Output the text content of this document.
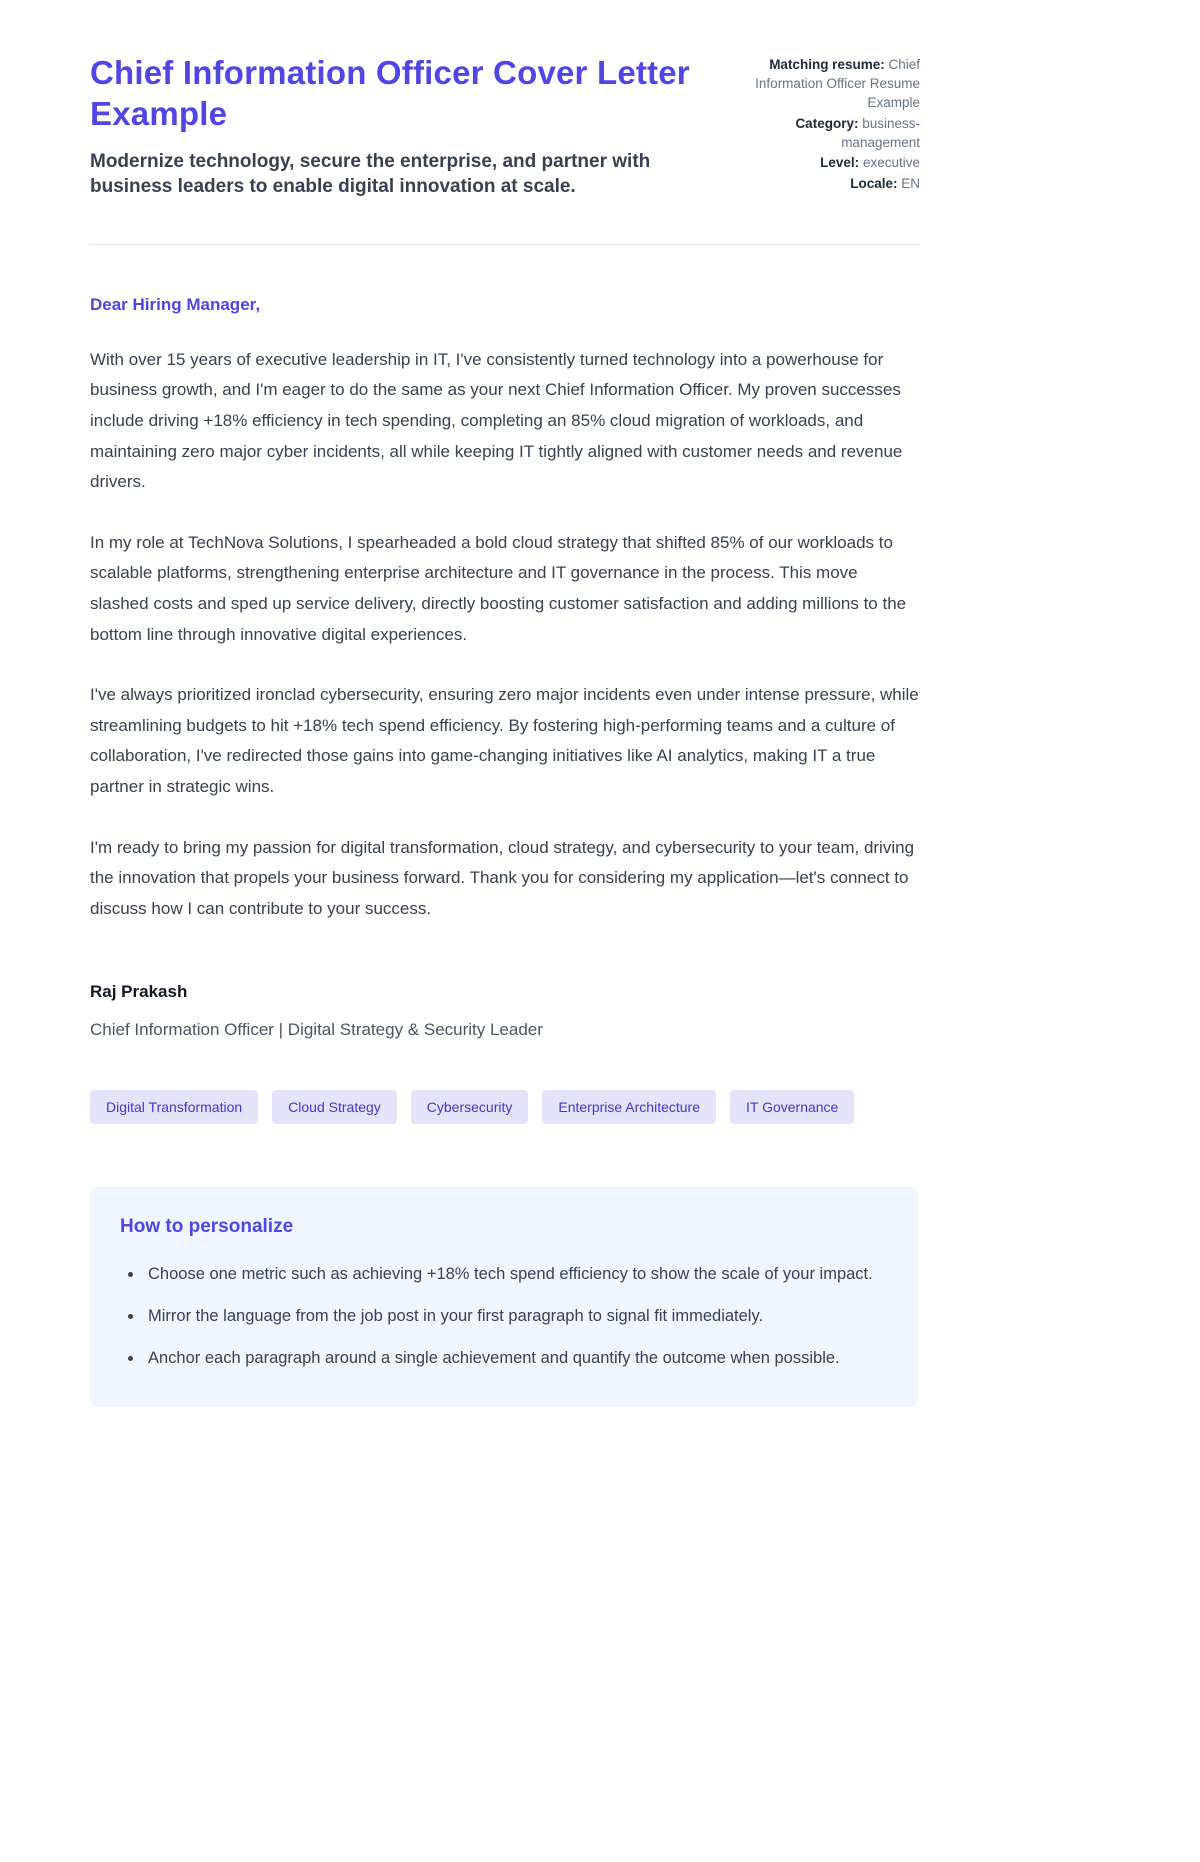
Chief Information Officer Cover Letter Example

Modernize technology, secure the enterprise, and partner with business leaders to enable digital innovation at scale.

Matching resume: Chief Information Officer Resume Example

Category: business-management

Level: executive

Locale: EN

Dear Hiring Manager,

With over 15 years of executive leadership in IT, I've consistently turned technology into a powerhouse for business growth, and I'm eager to do the same as your next Chief Information Officer. My proven successes include driving +18% efficiency in tech spending, completing an 85% cloud migration of workloads, and maintaining zero major cyber incidents, all while keeping IT tightly aligned with customer needs and revenue drivers.

In my role at TechNova Solutions, I spearheaded a bold cloud strategy that shifted 85% of our workloads to scalable platforms, strengthening enterprise architecture and IT governance in the process. This move slashed costs and sped up service delivery, directly boosting customer satisfaction and adding millions to the bottom line through innovative digital experiences.

I've always prioritized ironclad cybersecurity, ensuring zero major incidents even under intense pressure, while streamlining budgets to hit +18% tech spend efficiency. By fostering high-performing teams and a culture of collaboration, I've redirected those gains into game-changing initiatives like AI analytics, making IT a true partner in strategic wins.

I'm ready to bring my passion for digital transformation, cloud strategy, and cybersecurity to your team, driving the innovation that propels your business forward. Thank you for considering my application—let's connect to discuss how I can contribute to your success.

Raj Prakash

Chief Information Officer | Digital Strategy & Security Leader

Digital Transformation	Cloud Strategy	Cybersecurity	Enterprise Architecture	IT Governance
How to personalize
• Choose one metric such as achieving +18% tech spend efficiency to show the scale of your impact.
• Mirror the language from the job post in your first paragraph to signal fit immediately.
• Anchor each paragraph around a single achievement and quantify the outcome when possible.
